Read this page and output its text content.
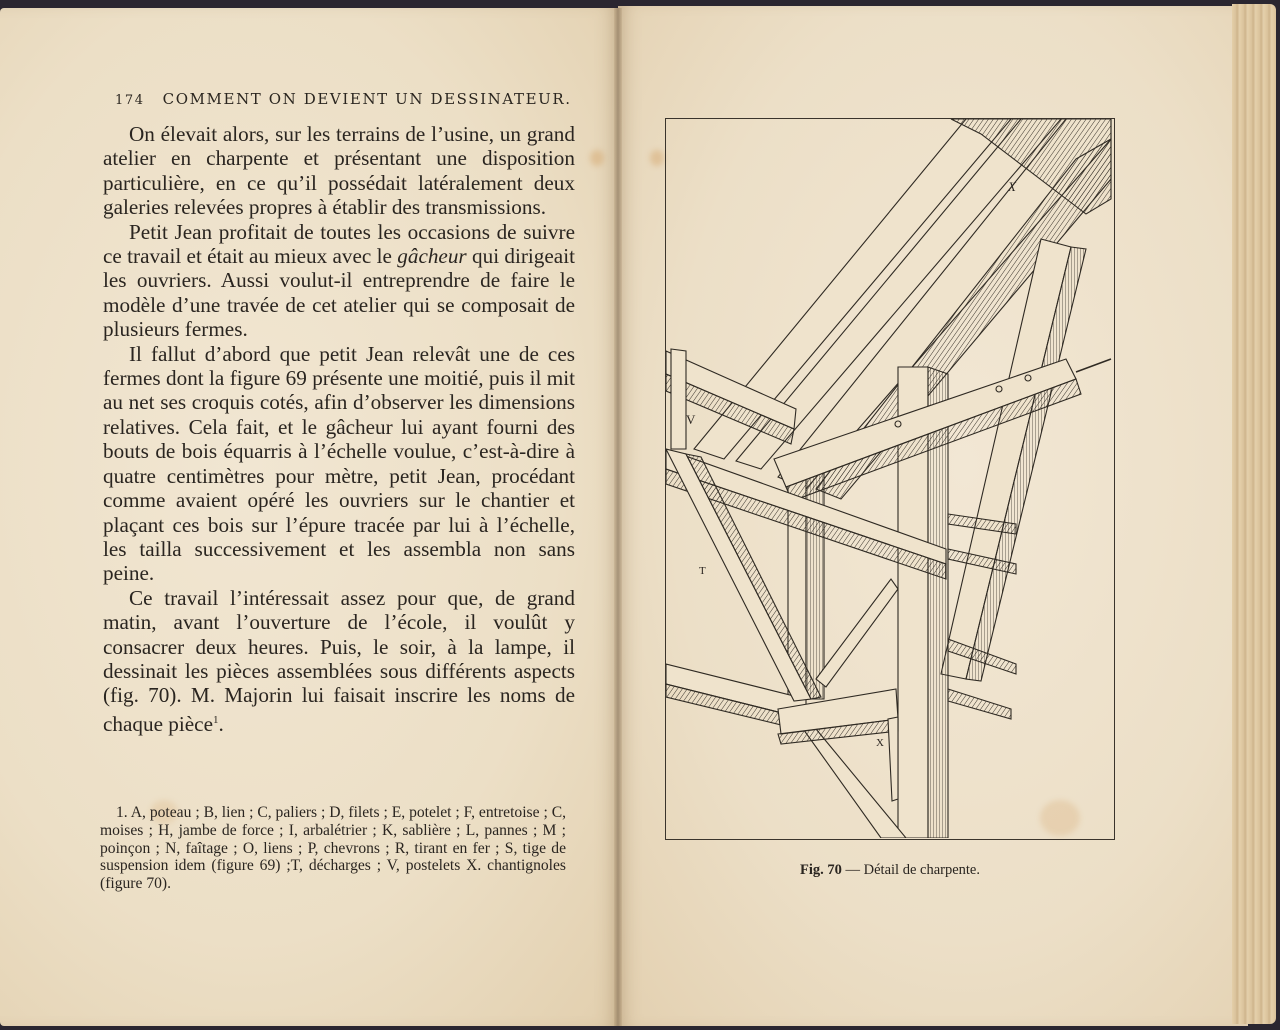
174 COMMENT ON DEVIENT UN DESSINATEUR.

On élevait alors, sur les terrains de l’usine, un grand atelier en charpente et présentant une disposition particulière, en ce qu’il possédait latéralement deux galeries relevées propres à établir des transmissions.

Petit Jean profitait de toutes les occasions de suivre ce travail et était au mieux avec le gâcheur qui dirigeait les ouvriers. Aussi voulut-il entreprendre de faire le modèle d’une travée de cet atelier qui se composait de plusieurs fermes.

Il fallut d’abord que petit Jean relevât une de ces fermes dont la figure 69 présente une moitié, puis il mit au net ses croquis cotés, afin d’observer les dimensions relatives. Cela fait, et le gâcheur lui ayant fourni des bouts de bois équarris à l’échelle voulue, c’est-à-dire à quatre centimètres pour mètre, petit Jean, procédant comme avaient opéré les ouvriers sur le chantier et plaçant ces bois sur l’épure tracée par lui à l’échelle, les tailla successivement et les assembla non sans peine.

Ce travail l’intéressait assez pour que, de grand matin, avant l’ouverture de l’école, il voulût y consacrer deux heures. Puis, le soir, à la lampe, il dessinait les pièces assemblées sous différents aspects (fig. 70). M. Majorin lui faisait inscrire les noms de chaque pièce$^1$.

1. A, poteau ; B, lien ; C, paliers ; D, filets ; E, potelet ; F, entretoise ; C, moises ; H, jambe de force ; I, arbalétrier ; K, sablière ; L, pannes ; M ; poinçon ; N, faîtage ; O, liens ; P, chevrons ; R, tirant en fer ; S, tige de suspension idem (figure 69) ;T, décharges ; V, postelets X. chantignoles (figure 70).

V
T
X
X
Fig. 70 — Détail de charpente.
